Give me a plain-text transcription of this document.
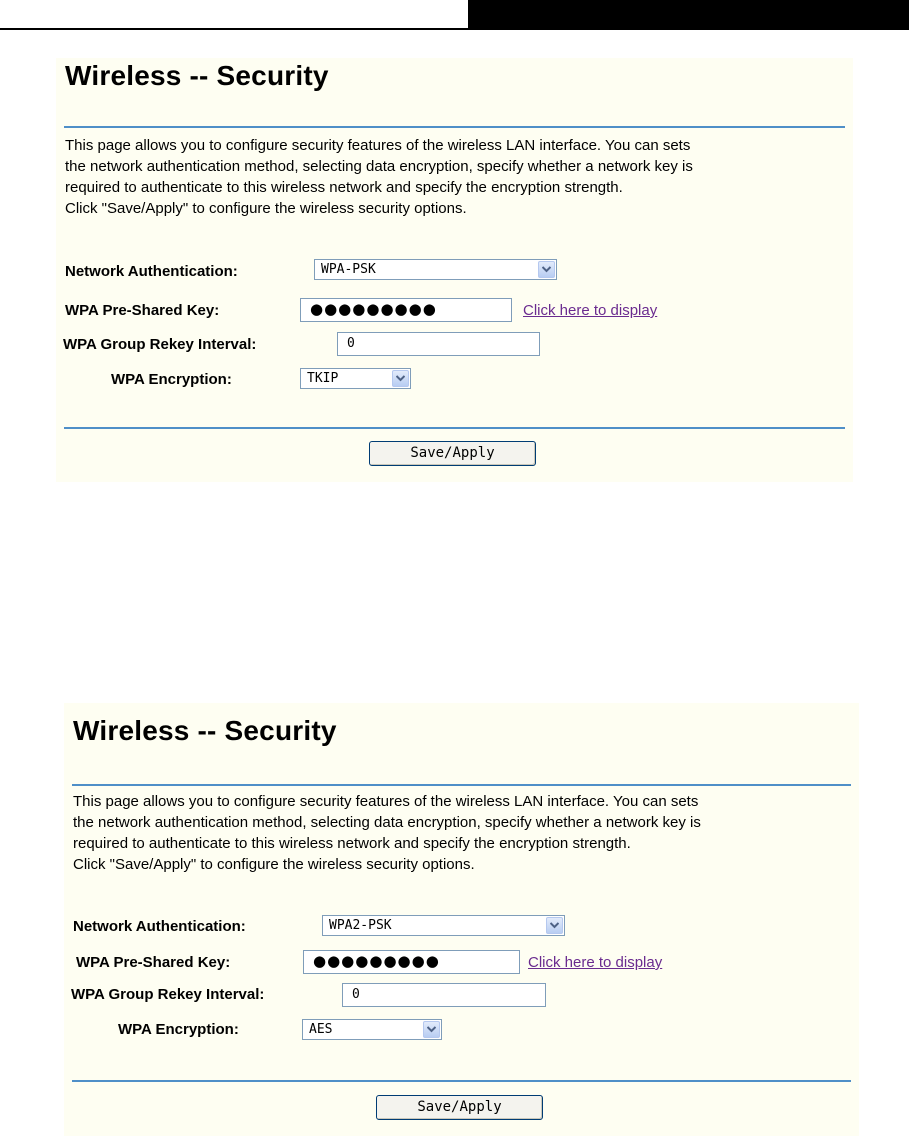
Wireless -- Security

This page allows you to configure security features of the wireless LAN interface. You can sets
the network authentication method, selecting data encryption, specify whether a network key is
required to authenticate to this wireless network and specify the encryption strength.
Click "Save/Apply" to configure the wireless security options.

Network Authentication:	WPA-PSK
WPA Pre-Shared Key:	●●●●●●●●●	Click here to display
WPA Group Rekey Interval:	0
WPA Encryption:	TKIP
Save/Apply
Wireless -- Security

This page allows you to configure security features of the wireless LAN interface. You can sets
the network authentication method, selecting data encryption, specify whether a network key is
required to authenticate to this wireless network and specify the encryption strength.
Click "Save/Apply" to configure the wireless security options.

Network Authentication:	WPA2-PSK
WPA Pre-Shared Key:	●●●●●●●●●	Click here to display
WPA Group Rekey Interval:	0
WPA Encryption:	AES
Save/Apply
